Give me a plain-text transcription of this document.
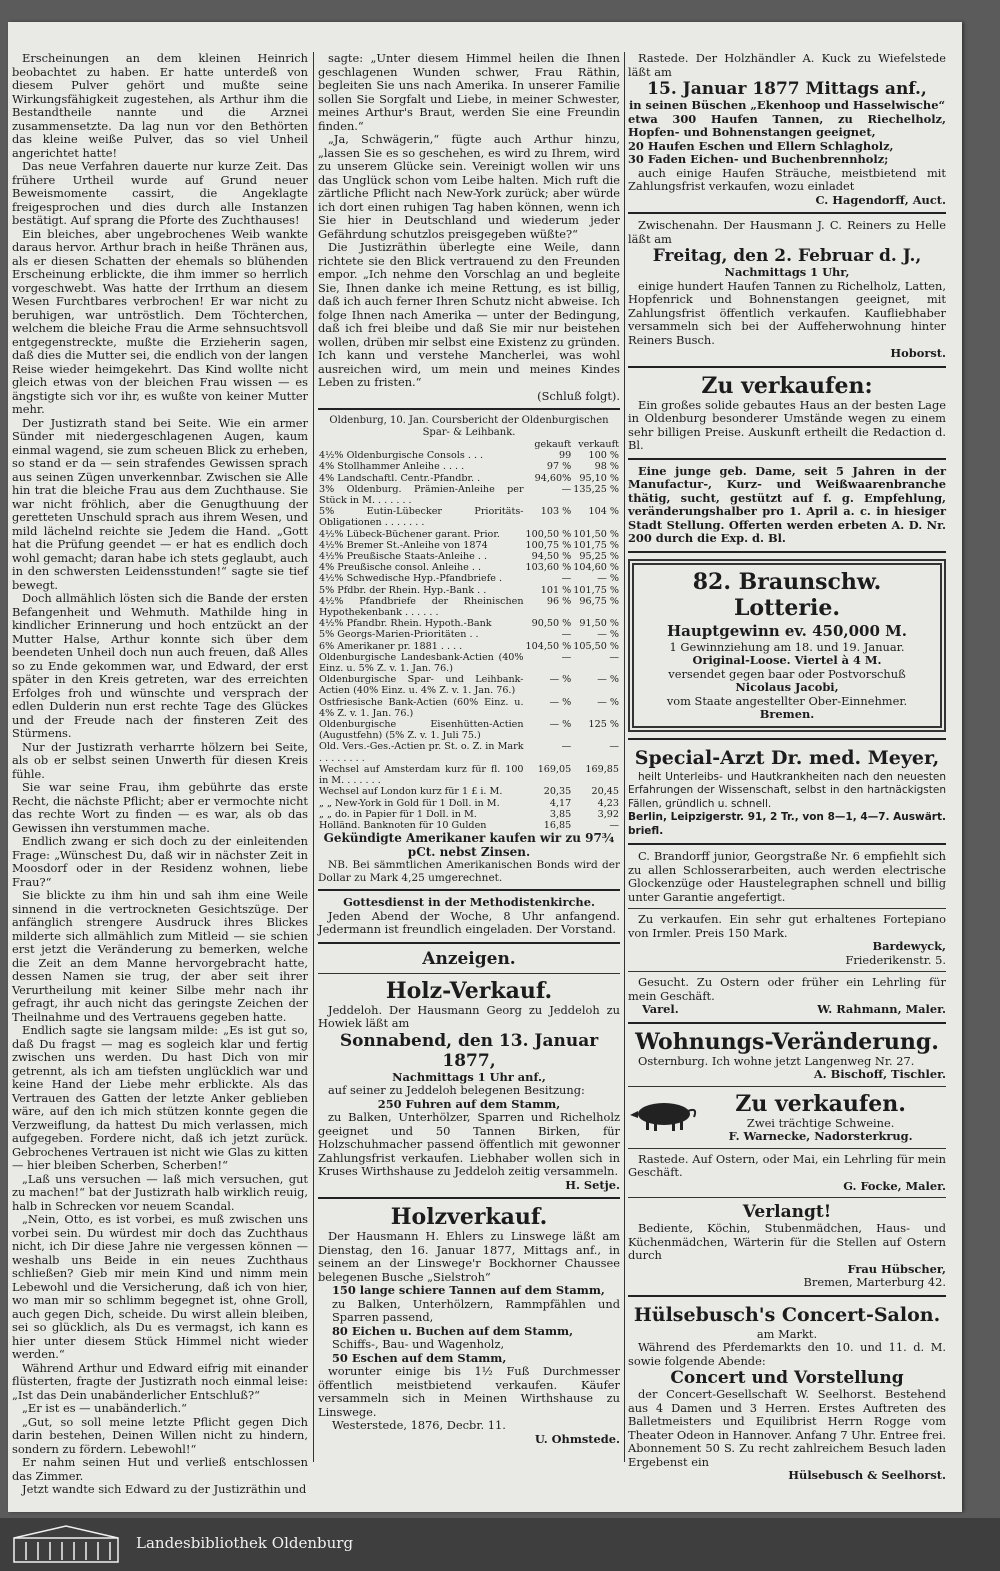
Erscheinungen an dem kleinen Heinrich beobachtet zu haben. Er hatte unterdeß von diesem Pulver gehört und mußte seine Wirkungsfähigkeit zugestehen, als Arthur ihm die Bestandtheile nannte und die Arznei zusammensetzte. Da lag nun vor den Bethörten das kleine weiße Pulver, das so viel Unheil angerichtet hatte!

Das neue Verfahren dauerte nur kurze Zeit. Das frühere Urtheil wurde auf Grund neuer Beweismomente cassirt, die Angeklagte freigesprochen und dies durch alle Instanzen bestätigt. Auf sprang die Pforte des Zuchthauses!

Ein bleiches, aber ungebrochenes Weib wankte daraus hervor. Arthur brach in heiße Thränen aus, als er diesen Schatten der ehemals so blühenden Erscheinung erblickte, die ihm immer so herrlich vorgeschwebt. Was hatte der Irrthum an diesem Wesen Furchtbares verbrochen! Er war nicht zu beruhigen, war untröstlich. Dem Töchterchen, welchem die bleiche Frau die Arme sehnsuchtsvoll entgegenstreckte, mußte die Erzieherin sagen, daß dies die Mutter sei, die endlich von der langen Reise wieder heimgekehrt. Das Kind wollte nicht gleich etwas von der bleichen Frau wissen — es ängstigte sich vor ihr, es wußte von keiner Mutter mehr.

Der Justizrath stand bei Seite. Wie ein armer Sünder mit niedergeschlagenen Augen, kaum einmal wagend, sie zum scheuen Blick zu erheben, so stand er da — sein strafendes Gewissen sprach aus seinen Zügen unverkennbar. Zwischen sie Alle hin trat die bleiche Frau aus dem Zuchthause. Sie war nicht fröhlich, aber die Genugthuung der geretteten Unschuld sprach aus ihrem Wesen, und mild lächelnd reichte sie Jedem die Hand. „Gott hat die Prüfung geendet — er hat es endlich doch wohl gemacht; daran habe ich stets geglaubt, auch in den schwersten Leidensstunden!“ sagte sie tief bewegt.

Doch allmählich lösten sich die Bande der ersten Befangenheit und Wehmuth. Mathilde hing in kindlicher Erinnerung und hoch entzückt an der Mutter Halse, Arthur konnte sich über dem beendeten Unheil doch nun auch freuen, daß Alles so zu Ende gekommen war, und Edward, der erst später in den Kreis getreten, war des erreichten Erfolges froh und wünschte und versprach der edlen Dulderin nun erst rechte Tage des Glückes und der Freude nach der finsteren Zeit des Stürmens.

Nur der Justizrath verharrte hölzern bei Seite, als ob er selbst seinen Unwerth für diesen Kreis fühle.

Sie war seine Frau, ihm gebührte das erste Recht, die nächste Pflicht; aber er vermochte nicht das rechte Wort zu finden — es war, als ob das Gewissen ihn verstummen mache.

Endlich zwang er sich doch zu der einleitenden Frage: „Wünschest Du, daß wir in nächster Zeit in Moosdorf oder in der Residenz wohnen, liebe Frau?“

Sie blickte zu ihm hin und sah ihm eine Weile sinnend in die vertrockneten Gesichtszüge. Der anfänglich strengere Ausdruck ihres Blickes milderte sich allmählich zum Mitleid — sie schien erst jetzt die Veränderung zu bemerken, welche die Zeit an dem Manne hervorgebracht hatte, dessen Namen sie trug, der aber seit ihrer Verurtheilung mit keiner Silbe mehr nach ihr gefragt, ihr auch nicht das geringste Zeichen der Theilnahme und des Vertrauens gegeben hatte.

Endlich sagte sie langsam milde: „Es ist gut so, daß Du fragst — mag es sogleich klar und fertig zwischen uns werden. Du hast Dich von mir getrennt, als ich am tiefsten unglücklich war und keine Hand der Liebe mehr erblickte. Als das Vertrauen des Gatten der letzte Anker geblieben wäre, auf den ich mich stützen konnte gegen die Verzweiflung, da hattest Du mich verlassen, mich aufgegeben. Fordere nicht, daß ich jetzt zurück. Gebrochenes Vertrauen ist nicht wie Glas zu kitten — hier bleiben Scherben, Scherben!“

„Laß uns versuchen — laß mich versuchen, gut zu machen!“ bat der Justizrath halb wirklich reuig, halb in Schrecken vor neuem Scandal.

„Nein, Otto, es ist vorbei, es muß zwischen uns vorbei sein. Du würdest mir doch das Zuchthaus nicht, ich Dir diese Jahre nie vergessen können — weshalb uns Beide in ein neues Zuchthaus schließen? Gieb mir mein Kind und nimm mein Lebewohl und die Versicherung, daß ich von hier, wo man mir so schlimm begegnet ist, ohne Groll, auch gegen Dich, scheide. Du wirst allein bleiben, sei so glücklich, als Du es vermagst, ich kann es hier unter diesem Stück Himmel nicht wieder werden.“

Während Arthur und Edward eifrig mit einander flüsterten, fragte der Justizrath noch einmal leise: „Ist das Dein unabänderlicher Entschluß?“

„Er ist es — unabänderlich.“

„Gut, so soll meine letzte Pflicht gegen Dich darin bestehen, Deinen Willen nicht zu hindern, sondern zu fördern. Lebewohl!“

Er nahm seinen Hut und verließ entschlossen das Zimmer.

Jetzt wandte sich Edward zu der Justizräthin und

sagte: „Unter diesem Himmel heilen die Ihnen geschlagenen Wunden schwer, Frau Räthin, begleiten Sie uns nach Amerika. In unserer Familie sollen Sie Sorgfalt und Liebe, in meiner Schwester, meines Arthur's Braut, werden Sie eine Freundin finden.“

„Ja, Schwägerin,“ fügte auch Arthur hinzu, „lassen Sie es so geschehen, es wird zu Ihrem, wird zu unserem Glücke sein. Vereinigt wollen wir uns das Unglück schon vom Leibe halten. Mich ruft die zärtliche Pflicht nach New-York zurück; aber würde ich dort einen ruhigen Tag haben können, wenn ich Sie hier in Deutschland und wiederum jeder Gefährdung schutzlos preisgegeben wüßte?“

Die Justizräthin überlegte eine Weile, dann richtete sie den Blick vertrauend zu den Freunden empor. „Ich nehme den Vorschlag an und begleite Sie, Ihnen danke ich meine Rettung, es ist billig, daß ich auch ferner Ihren Schutz nicht abweise. Ich folge Ihnen nach Amerika — unter der Bedingung, daß ich frei bleibe und daß Sie mir nur beistehen wollen, drüben mir selbst eine Existenz zu gründen. Ich kann und verstehe Mancherlei, was wohl ausreichen wird, um mein und meines Kindes Leben zu fristen.“

(Schluß folgt).
Oldenburg, 10. Jan. Coursbericht der Oldenburgischen Spar- & Leihbank.
	gekauft	verkauft
4½% Oldenburgische Consols . . .	99	100 %
4% Stollhammer Anleihe . . . .	97 %	98 %
4% Landschaftl. Centr.-Pfandbr. .	94,60%	95,10 %
3% Oldenburg. Prämien-Anleihe per Stück in M. . . . . . .	—	135,25 %
5% Eutin-Lübecker Prioritäts-Obligationen . . . . . . .	103 %	104 %
4½% Lübeck-Büchener garant. Prior.	100,50 %	101,50 %
4½% Bremer St.-Anleihe von 1874	100,75 %	101,75 %
4½% Preußische Staats-Anleihe . .	94,50 %	95,25 %
4% Preußische consol. Anleihe . .	103,60 %	104,60 %
4½% Schwedische Hyp.-Pfandbriefe .	—	— %
5% Pfdbr. der Rhein. Hyp.-Bank . .	101 %	101,75 %
4½% Pfandbriefe der Rheinischen Hypothekenbank . . . . . .	96 %	96,75 %
4½% Pfandbr. Rhein. Hypoth.-Bank	90,50 %	91,50 %
5% Georgs-Marien-Prioritäten . .	—	— %
6% Amerikaner pr. 1881 . . . .	104,50 %	105,50 %
Oldenburgische Landesbank-Actien (40% Einz. u. 5% Z. v. 1. Jan. 76.)	—	—
Oldenburgische Spar- und Leihbank-Actien (40% Einz. u. 4% Z. v. 1. Jan. 76.)	— %	— %
Ostfriesische Bank-Actien (60% Einz. u. 4% Z. v. 1. Jan. 76.)	— %	— %
Oldenburgische Eisenhütten-Actien (Augustfehn) (5% Z. v. 1. Juli 75.)	— %	125 %
Old. Vers.-Ges.-Actien pr. St. o. Z. in Mark . . . . . . . .	—	—
Wechsel auf Amsterdam kurz für fl. 100 in M. . . . . . .	169,05	169,85
Wechsel auf London kurz für 1 £ i. M.	20,35	20,45
„ „ New-York in Gold für 1 Doll. in M.	4,17	4,23
„ „ do. in Papier für 1 Doll. in M.	3,85	3,92
Holländ. Banknoten für 10 Gulden	16,85	—
Gekündigte Amerikaner kaufen wir zu 97¾ pCt. nebst Zinsen.

NB. Bei sämmtlichen Amerikanischen Bonds wird der Dollar zu Mark 4,25 umgerechnet.

Gottesdienst in der Methodistenkirche.

Jeden Abend der Woche, 8 Uhr anfangend. Jedermann ist freundlich eingeladen. Der Vorstand.

Anzeigen.
Holz-Verkauf.

Jeddeloh. Der Hausmann Georg zu Jeddeloh zu Howiek läßt am

Sonnabend, den 13. Januar 1877,
Nachmittags 1 Uhr anf.,

auf seiner zu Jeddeloh belegenen Besitzung:

250 Fuhren auf dem Stamm,

zu Balken, Unterhölzer, Sparren und Richelholz geeignet und 50 Tannen Birken, für Holzschuhmacher passend öffentlich mit gewonner Zahlungsfrist verkaufen. Liebhaber wollen sich in Kruses Wirthshause zu Jeddeloh zeitig versammeln.

H. Setje.
Holzverkauf.

Der Hausmann H. Ehlers zu Linswege läßt am Dienstag, den 16. Januar 1877, Mittags anf., in seinem an der Linswege'r Bockhorner Chaussee belegenen Busche „Sielstroh“

150 lange schiere Tannen auf dem Stamm,
zu Balken, Unterhölzern, Rammpfählen und Sparren passend,
80 Eichen u. Buchen auf dem Stamm,
Schiffs-, Bau- und Wagenholz,
50 Eschen auf dem Stamm,

worunter einige bis 1½ Fuß Durchmesser öffentlich meistbietend verkaufen. Käufer versammeln sich in Meinen Wirthshause zu Linswege.

Westerstede, 1876, Decbr. 11.
U. Ohmstede.

Rastede. Der Holzhändler A. Kuck zu Wiefelstede läßt am

15. Januar 1877 Mittags anf.,
in seinen Büschen „Ekenhoop und Hasselwische“
etwa 300 Haufen Tannen, zu Riechelholz, Hopfen- und Bohnenstangen geeignet,
20 Haufen Eschen und Ellern Schlagholz,
30 Faden Eichen- und Buchenbrennholz;

auch einige Haufen Sträuche, meistbietend mit Zahlungsfrist verkaufen, wozu einladet

C. Hagendorff, Auct.

Zwischenahn. Der Hausmann J. C. Reiners zu Helle läßt am

Freitag, den 2. Februar d. J.,
Nachmittags 1 Uhr,

einige hundert Haufen Tannen zu Richelholz, Latten, Hopfenrick und Bohnenstangen geeignet, mit Zahlungsfrist öffentlich verkaufen. Kaufliebhaber versammeln sich bei der Auffeherwohnung hinter Reiners Busch.

Hoborst.
Zu verkaufen:

Ein großes solide gebautes Haus an der besten Lage in Oldenburg besonderer Umstände wegen zu einem sehr billigen Preise. Auskunft ertheilt die Redaction d. Bl.

Eine junge geb. Dame, seit 5 Jahren in der Manufactur-, Kurz- und Weißwaarenbranche thätig, sucht, gestützt auf f. g. Empfehlung, veränderungshalber pro 1. April a. c. in hiesiger Stadt Stellung. Offerten werden erbeten A. D. Nr. 200 durch die Exp. d. Bl.

82. Braunschw. Lotterie.
Hauptgewinn ev. 450,000 M.
1 Gewinnziehung am 18. und 19. Januar.
Original-Loose. Viertel à 4 M.
versendet gegen baar oder Postvorschuß
Nicolaus Jacobi,
vom Staate angestellter Ober-Einnehmer.
Bremen.
Special-Arzt Dr. med. Meyer,

heilt Unterleibs- und Hautkrankheiten nach den neuesten Erfahrungen der Wissenschaft, selbst in den hartnäckigsten Fällen, gründlich u. schnell.

Berlin, Leipzigerstr. 91, 2 Tr., von 8—1, 4—7. Auswärt. briefl.

C. Brandorff junior, Georgstraße Nr. 6 empfiehlt sich zu allen Schlosserarbeiten, auch werden electrische Glockenzüge oder Haustelegraphen schnell und billig unter Garantie angefertigt.

Zu verkaufen. Ein sehr gut erhaltenes Fortepiano von Irmler. Preis 150 Mark.

Bardewyck,
Friederikenstr. 5.

Gesucht. Zu Ostern oder früher ein Lehrling für mein Geschäft.

Varel.	W. Rahmann, Maler.
Wohnungs-Veränderung.

Osternburg. Ich wohne jetzt Langenweg Nr. 27.

A. Bischoff, Tischler.

Zu verkaufen.
Zwei trächtige Schweine.
F. Warnecke, Nadorsterkrug.

Rastede. Auf Ostern, oder Mai, ein Lehrling für mein Geschäft.

G. Focke, Maler.
Verlangt!

Bediente, Köchin, Stubenmädchen, Haus- und Küchenmädchen, Wärterin für die Stellen auf Ostern durch

Frau Hübscher,
Bremen, Marterburg 42.
Hülsebusch's Concert-Salon.
am Markt.

Während des Pferdemarkts den 10. und 11. d. M. sowie folgende Abende:

Concert und Vorstellung

der Concert-Gesellschaft W. Seelhorst. Bestehend aus 4 Damen und 3 Herren. Erstes Auftreten des Balletmeisters und Equilibrist Herrn Rogge vom Theater Odeon in Hannover. Anfang 7 Uhr. Entree frei. Abonnement 50 S. Zu recht zahlreichem Besuch laden Ergebenst ein

Hülsebusch & Seelhorst.
Landesbibliothek Oldenburg
